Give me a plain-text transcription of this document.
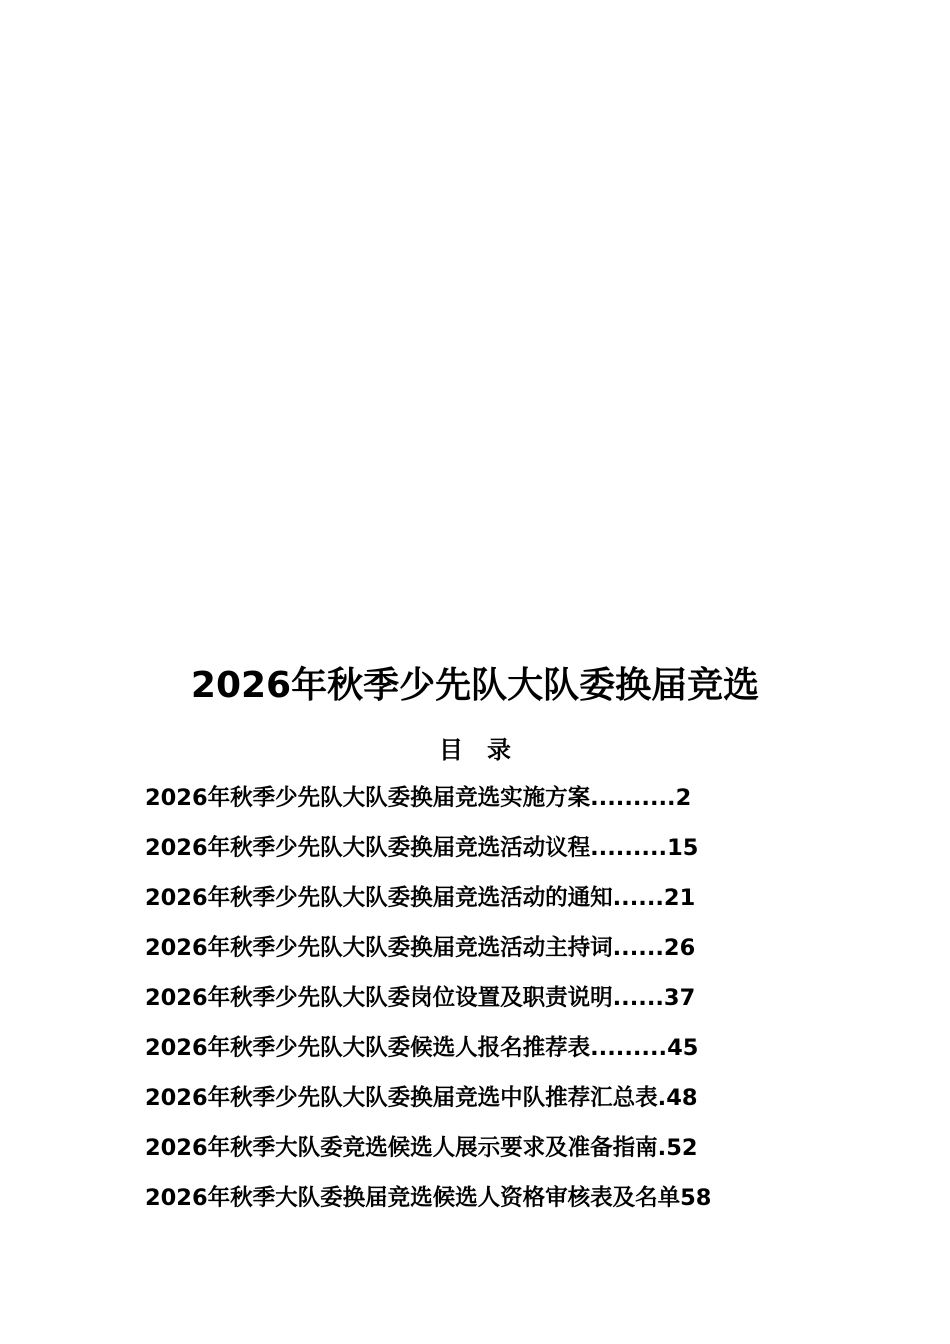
2026年秋季少先队大队委换届竞选
目　录
2026年秋季少先队大队委换届竞选实施方案..........2
2026年秋季少先队大队委换届竞选活动议程.........15
2026年秋季少先队大队委换届竞选活动的通知......21
2026年秋季少先队大队委换届竞选活动主持词......26
2026年秋季少先队大队委岗位设置及职责说明......37
2026年秋季少先队大队委候选人报名推荐表.........45
2026年秋季少先队大队委换届竞选中队推荐汇总表.48
2026年秋季大队委竞选候选人展示要求及准备指南.52
2026年秋季大队委换届竞选候选人资格审核表及名单58
